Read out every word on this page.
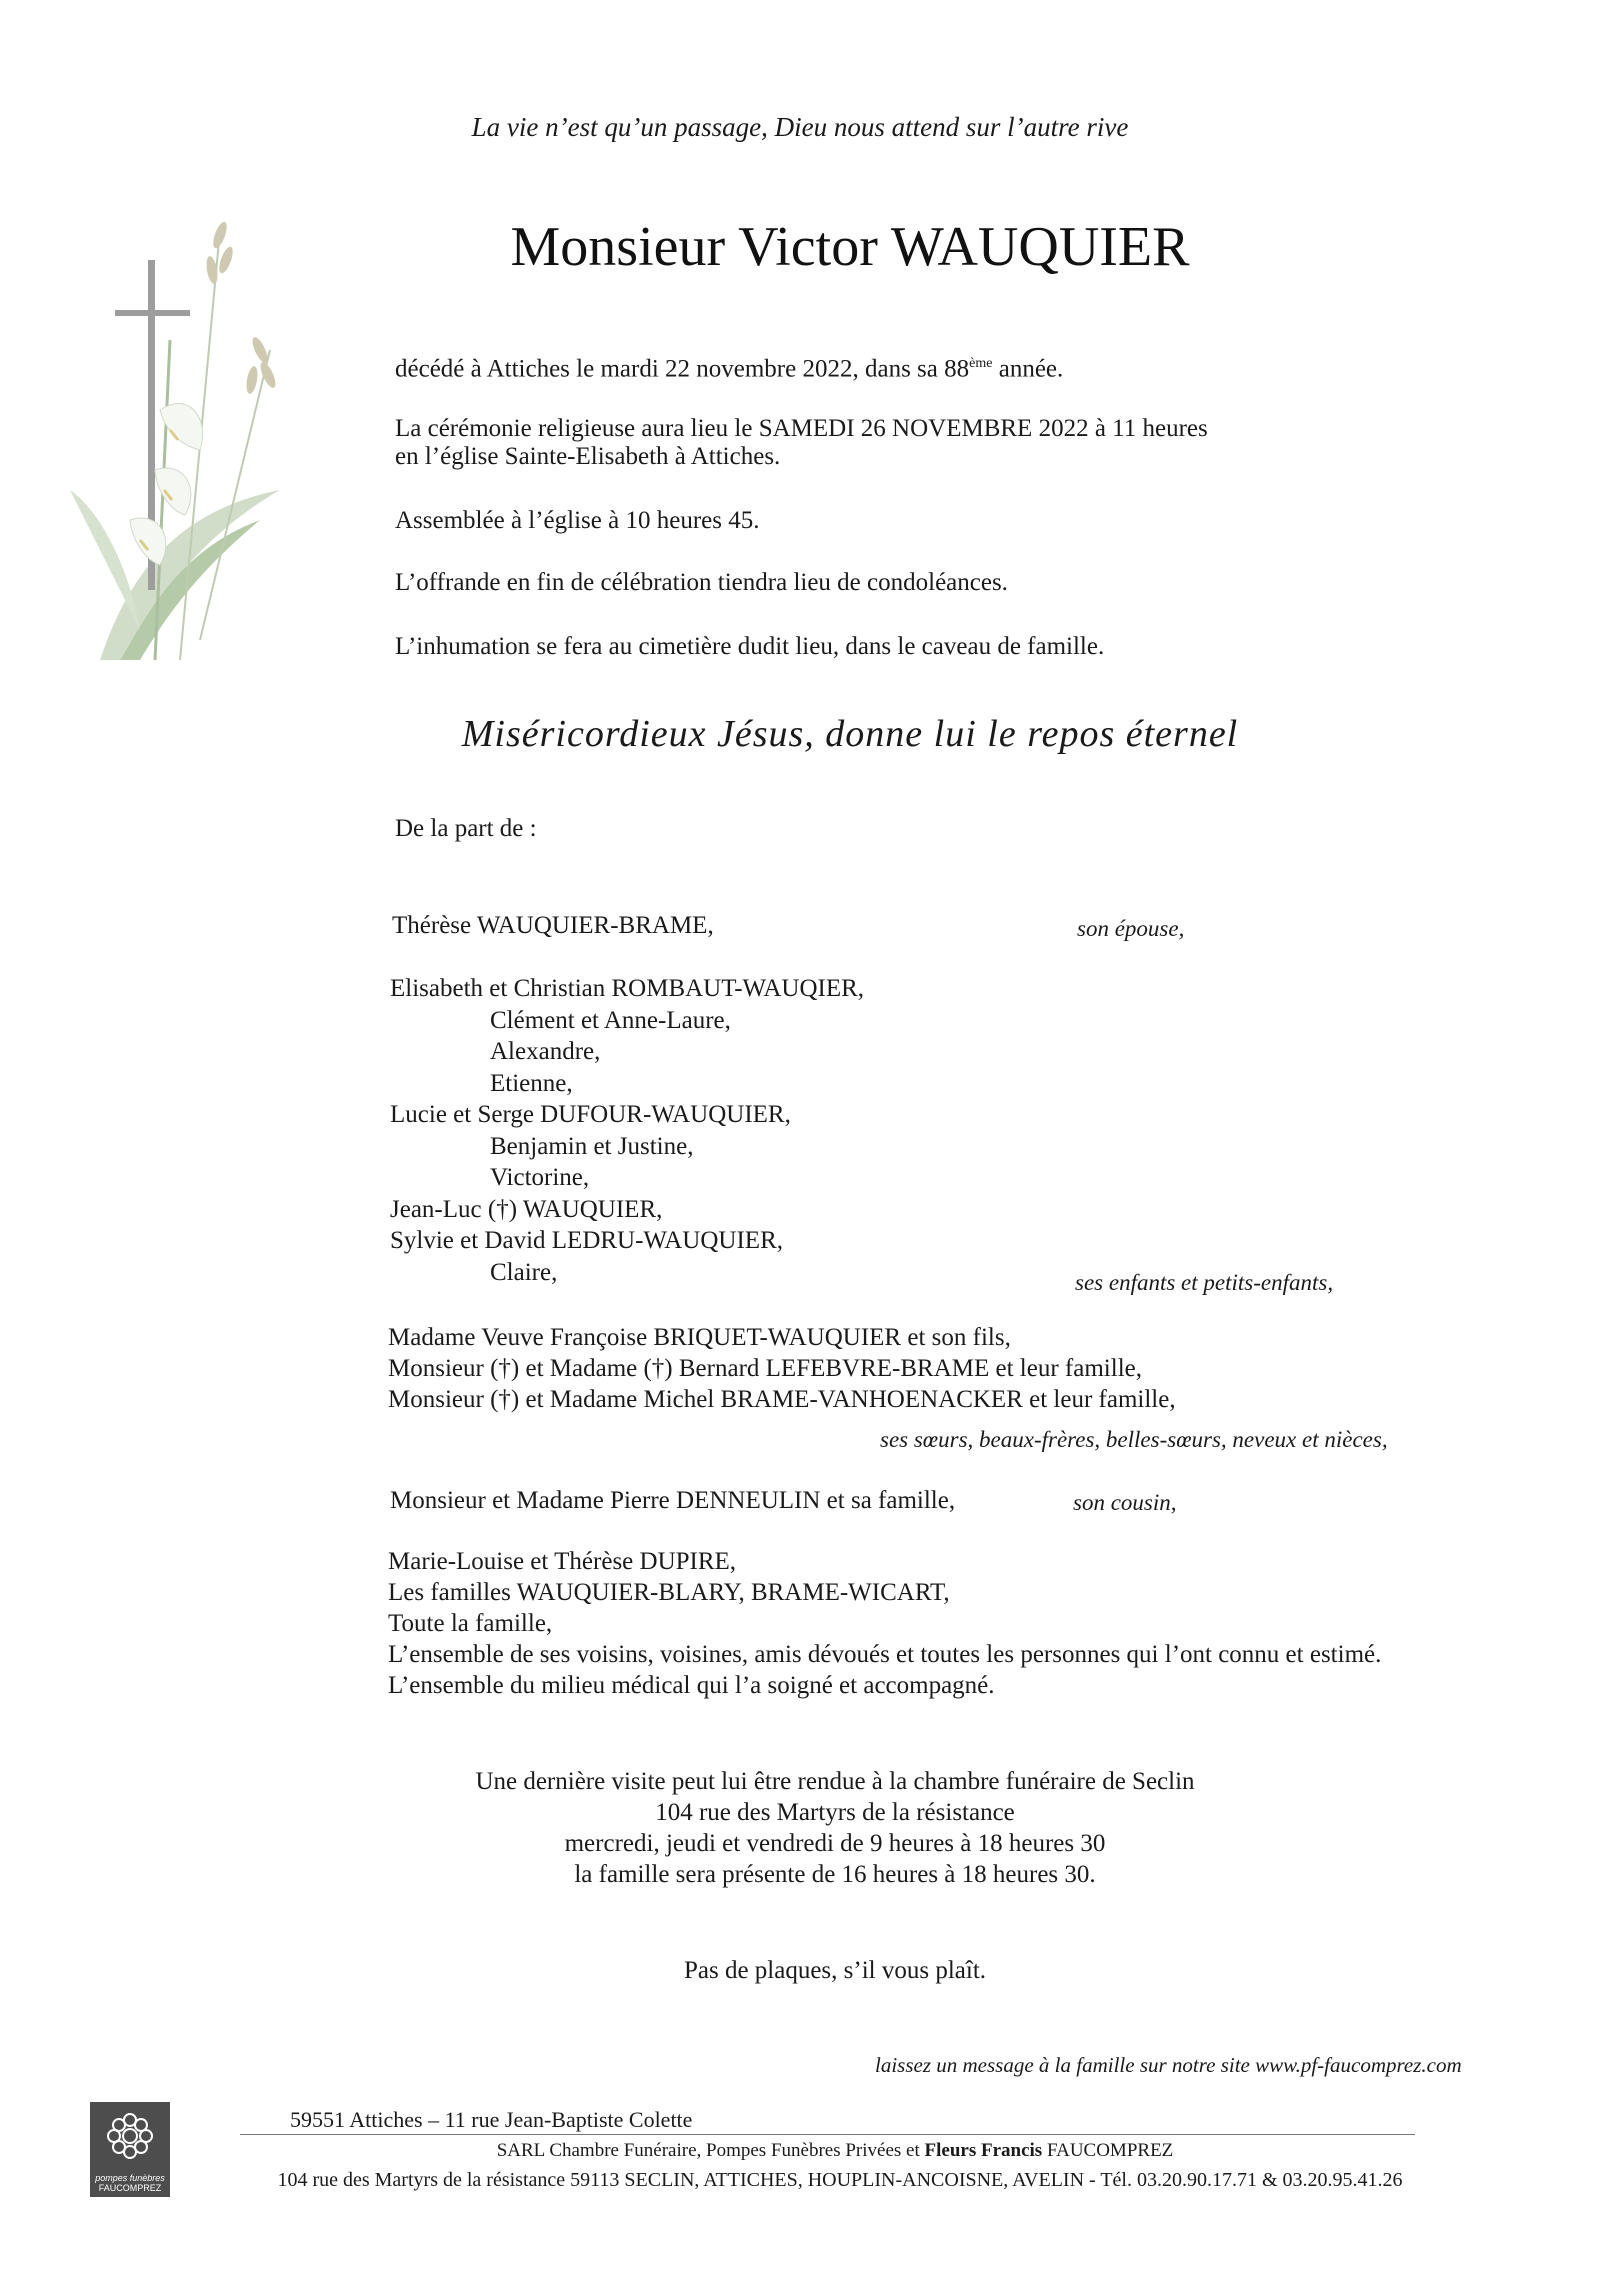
La vie n’est qu’un passage, Dieu nous attend sur l’autre rive
Monsieur Victor WAUQUIER
décédé à Attiches le mardi 22 novembre 2022, dans sa 88ème année.
La cérémonie religieuse aura lieu le SAMEDI 26 NOVEMBRE 2022 à 11 heures
en l’église Sainte-Elisabeth à Attiches.
Assemblée à l’église à 10 heures 45.
L’offrande en fin de célébration tiendra lieu de condoléances.
L’inhumation se fera au cimetière dudit lieu, dans le caveau de famille.
Miséricordieux Jésus, donne lui le repos éternel
De la part de :
Thérèse WAUQUIER-BRAME,	son épouse,
Elisabeth et Christian ROMBAUT-WAUQIER,
Clément et Anne-Laure,
Alexandre,
Etienne,
Lucie et Serge DUFOUR-WAUQUIER,
Benjamin et Justine,
Victorine,
Jean-Luc (†) WAUQUIER,
Sylvie et David LEDRU-WAUQUIER,
Claire,	ses enfants et petits-enfants,
Madame Veuve Françoise BRIQUET-WAUQUIER et son fils,
Monsieur (†) et Madame (†) Bernard LEFEBVRE-BRAME et leur famille,
Monsieur (†) et Madame Michel BRAME-VANHOENACKER et leur famille,
ses sœurs, beaux-frères, belles-sœurs, neveux et nièces,
Monsieur et Madame Pierre DENNEULIN et sa famille,	son cousin,
Marie-Louise et Thérèse DUPIRE,
Les familles WAUQUIER-BLARY, BRAME-WICART,
Toute la famille,
L’ensemble de ses voisins, voisines, amis dévoués et toutes les personnes qui l’ont connu et estimé.
L’ensemble du milieu médical qui l’a soigné et accompagné.
Une dernière visite peut lui être rendue à la chambre funéraire de Seclin
104 rue des Martyrs de la résistance
mercredi, jeudi et vendredi de 9 heures à 18 heures 30
la famille sera présente de 16 heures à 18 heures 30.
Pas de plaques, s’il vous plaît.
laissez un message à la famille sur notre site www.pf-faucomprez.com
pompes funèbres
FAUCOMPREZ
59551 Attiches – 11 rue Jean-Baptiste Colette
SARL Chambre Funéraire, Pompes Funèbres Privées et Fleurs Francis FAUCOMPREZ
104 rue des Martyrs de la résistance 59113 SECLIN, ATTICHES, HOUPLIN-ANCOISNE, AVELIN - Tél. 03.20.90.17.71 & 03.20.95.41.26
